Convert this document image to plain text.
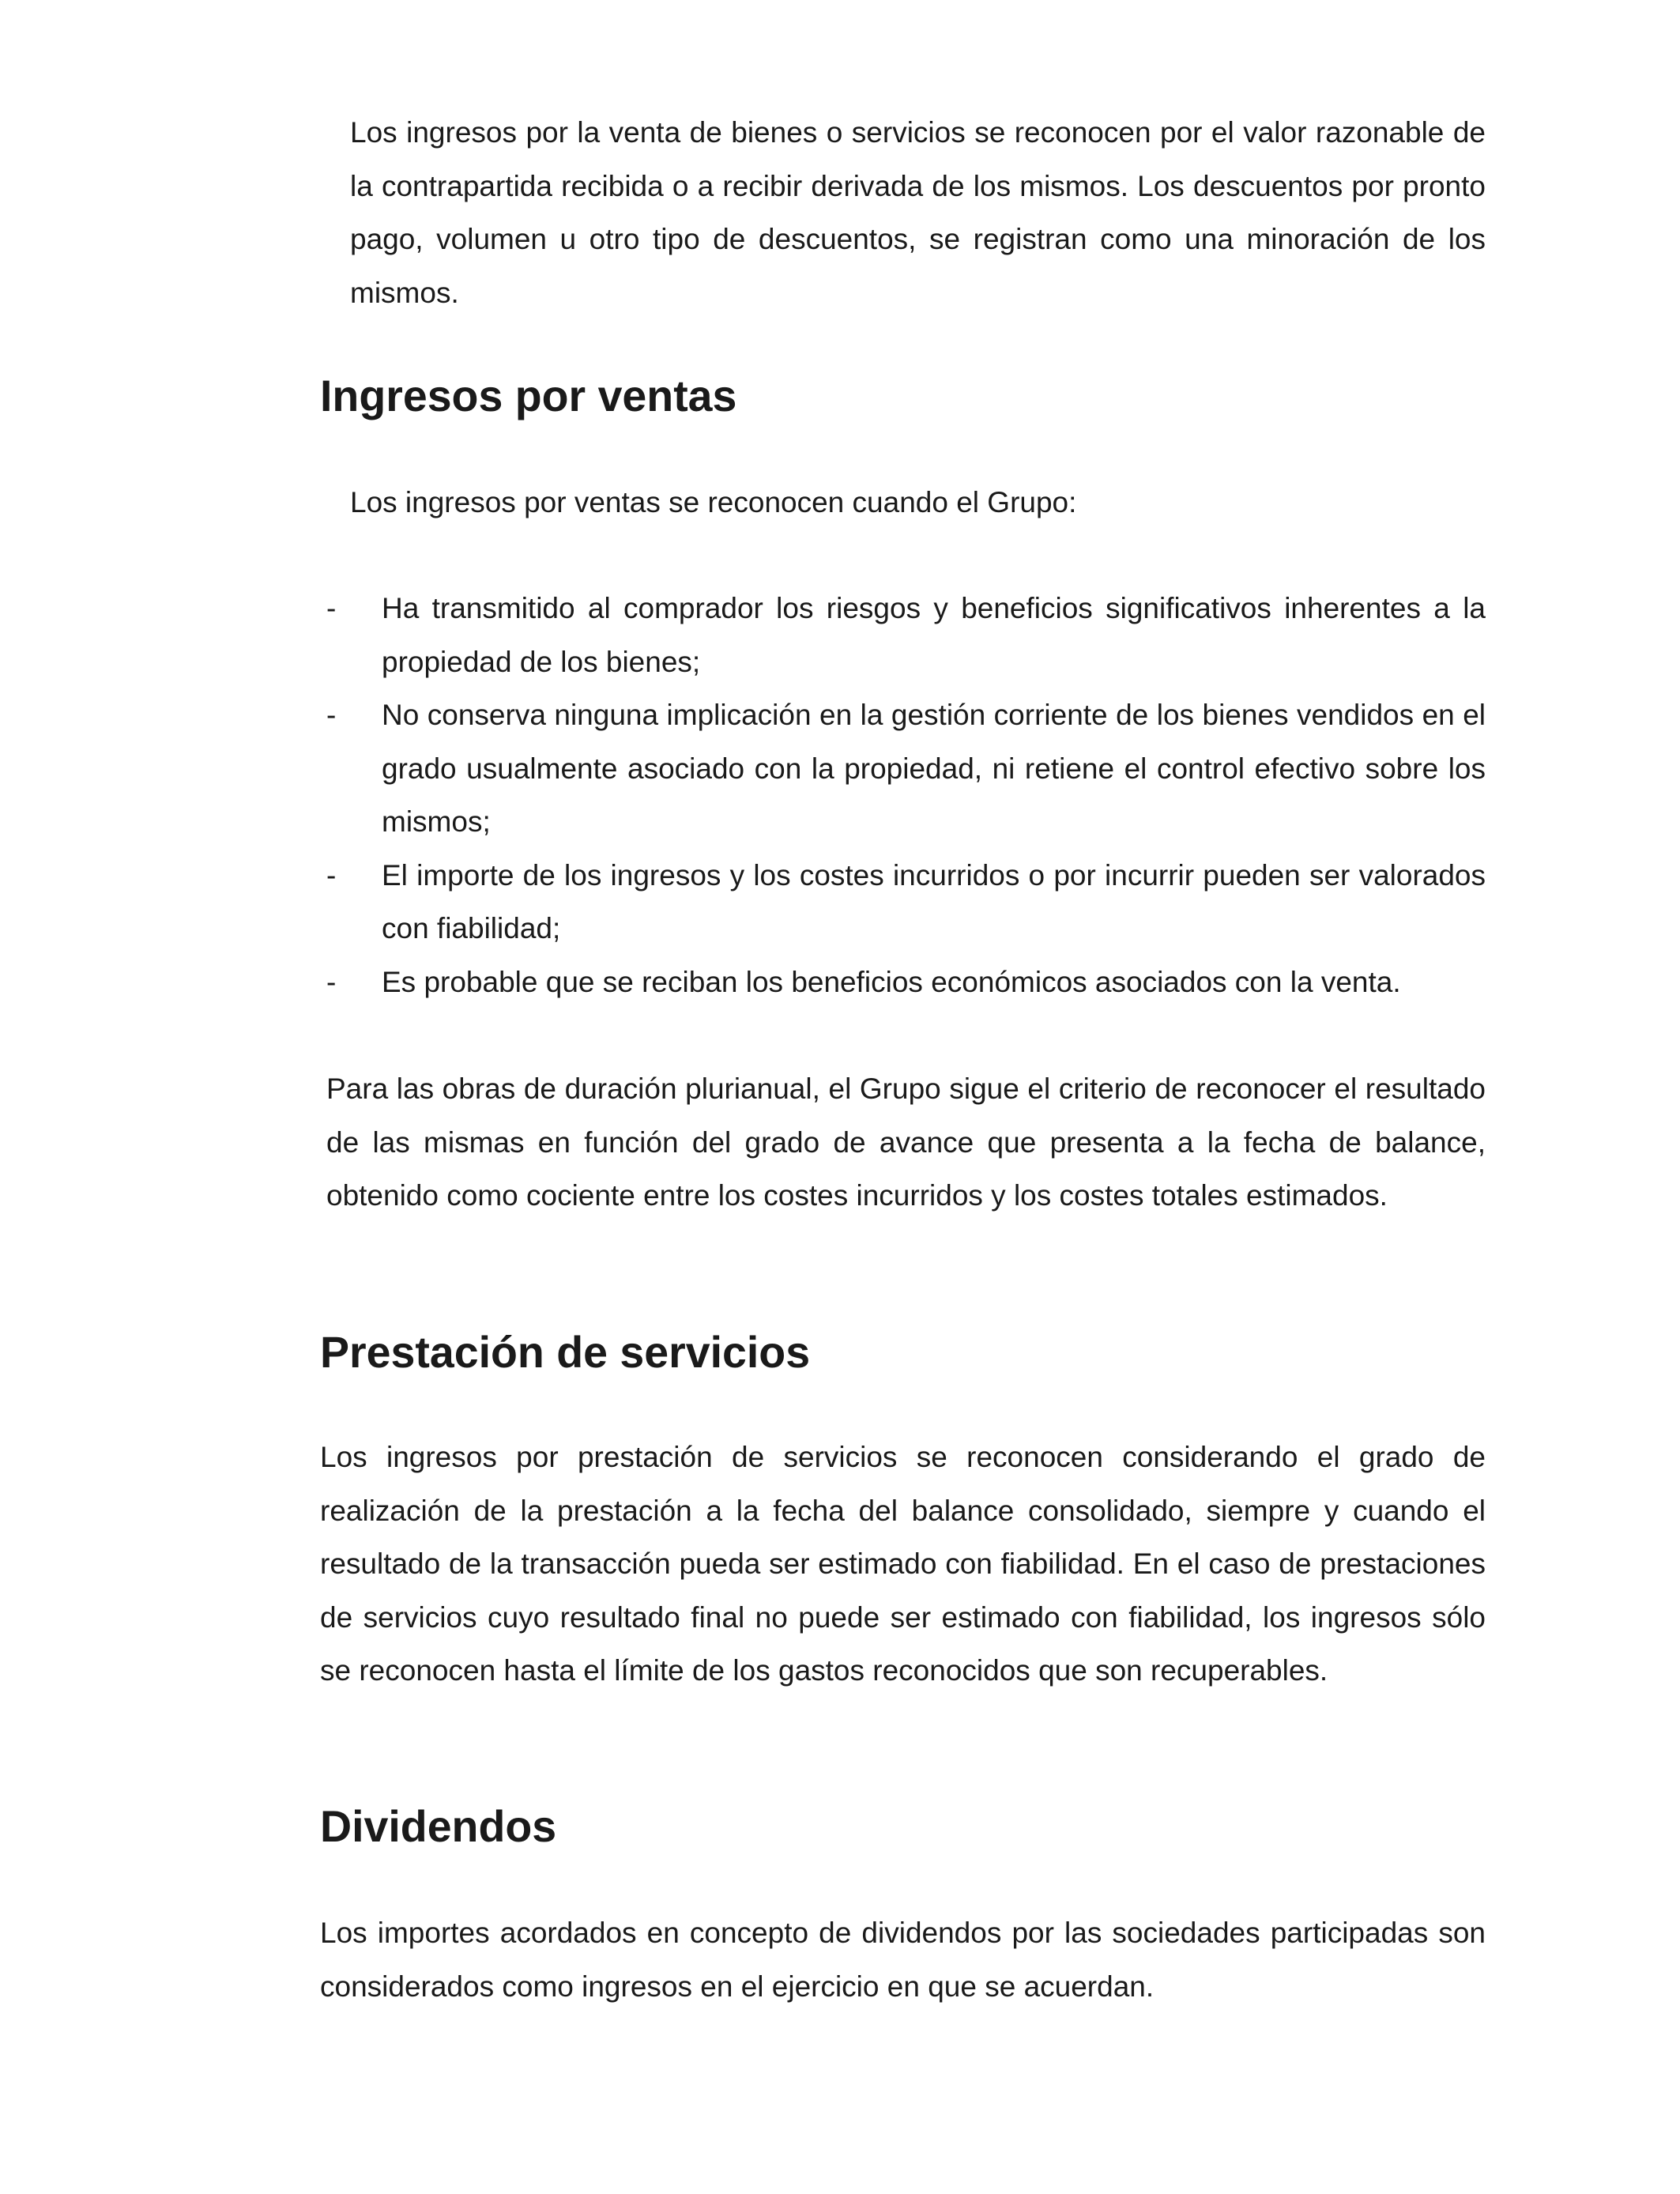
Los ingresos por la venta de bienes o servicios se reconocen por el valor razonable de la contrapartida recibida o a recibir derivada de los mismos. Los descuentos por pronto pago, volumen u otro tipo de descuentos, se registran como una minoración de los mismos.

Ingresos por ventas

Los ingresos por ventas se reconocen cuando el Grupo:

- Ha transmitido al comprador los riesgos y beneficios significativos inherentes a la propiedad de los bienes;
- No conserva ninguna implicación en la gestión corriente de los bienes vendidos en el grado usualmente asociado con la propiedad, ni retiene el control efectivo sobre los mismos;
- El importe de los ingresos y los costes incurridos o por incurrir pueden ser valorados con fiabilidad;
- Es probable que se reciban los beneficios económicos asociados con la venta.

Para las obras de duración plurianual, el Grupo sigue el criterio de reconocer el resultado de las mismas en función del grado de avance que presenta a la fecha de balance, obtenido como cociente entre los costes incurridos y los costes totales estimados.

Prestación de servicios

Los ingresos por prestación de servicios se reconocen considerando el grado de realización de la prestación a la fecha del balance consolidado, siempre y cuando el resultado de la transacción pueda ser estimado con fiabilidad. En el caso de prestaciones de servicios cuyo resultado final no puede ser estimado con fiabilidad, los ingresos sólo se reconocen hasta el límite de los gastos reconocidos que son recuperables.

Dividendos

Los importes acordados en concepto de dividendos por las sociedades participadas son considerados como ingresos en el ejercicio en que se acuerdan.
